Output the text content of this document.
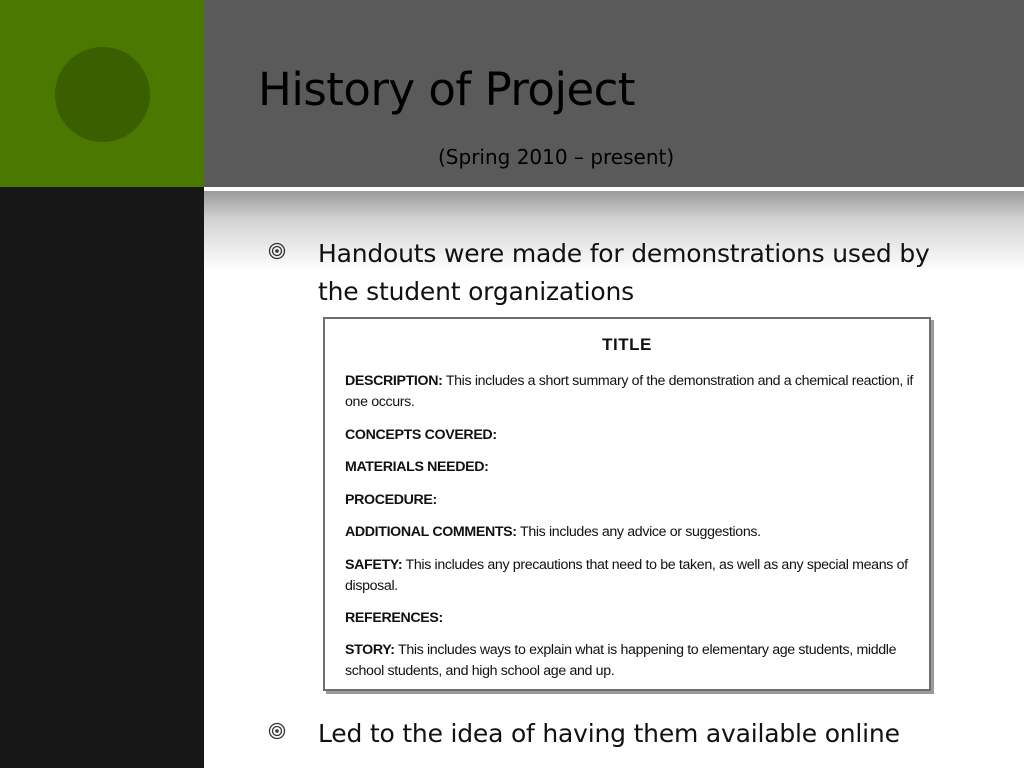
History of Project
(Spring 2010 – present)
Handouts were made for demonstrations used by the student organizations
TITLE
DESCRIPTION: This includes a short summary of the demonstration and a chemical reaction, if one occurs.
CONCEPTS COVERED:
MATERIALS NEEDED:
PROCEDURE:
ADDITIONAL COMMENTS: This includes any advice or suggestions.
SAFETY: This includes any precautions that need to be taken, as well as any special means of disposal.
REFERENCES:
STORY: This includes ways to explain what is happening to elementary age students, middle school students, and high school age and up.
Led to the idea of having them available online
